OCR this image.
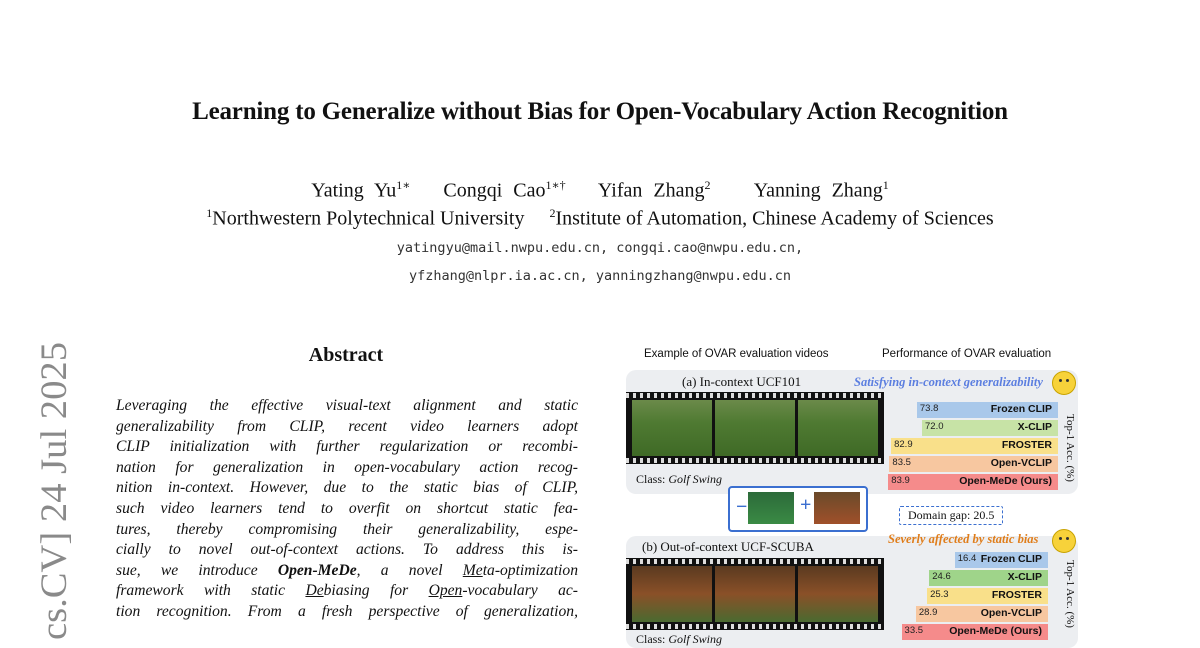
Learning to Generalize without Bias for Open-Vocabulary Action Recognition
Yating $Yu^{1∗}$ Congqi Cao$^{1∗\dagger}$ Yifan Zhang$^2$ Yanning Zhang$^1$
$^1$Northwestern Polytechnical University $^2$Institute of Automation, Chinese Academy of Sciences
yatingyu@mail.nwpu.edu.cn, congqi.cao@nwpu.edu.cn,
yfzhang@nlpr.ia.ac.cn, yanningzhang@nwpu.edu.cn
cs.CV] 24 Jul 2025	Abstract
Leveraging the effective visual-text alignment and static
generalizability from CLIP, recent video learners adopt
CLIP initialization with further regularization or recombi-
nation for generalization in open-vocabulary action recog-
nition in-context. However, due to the static bias of CLIP,
such video learners tend to overfit on shortcut static fea-
tures, thereby compromising their generalizability, espe-
cially to novel out-of-context actions. To address this is-
sue, we introduce Open-MeDe, a novel Meta-optimization
framework with static Debiasing for Open-vocabulary ac-
tion recognition. From a fresh perspective of generalization,
Example of OVAR evaluation videos	Performance of OVAR evaluation
(a) In-context UCF101	Satisfying in-context generalizability
Class: Golf Swing
73.8	Frozen CLIP
72.0	X-CLIP
82.9	FROSTER
83.5	Open-VCLIP
83.9	Open-MeDe (Ours) Top-1 Acc. (%)
−	+	Domain gap: 20.5
(b) Out-of-context UCF-SCUBA	Severly affected by static bias
Class: Golf Swing
16.4 Frozen CLIP
24.6	X-CLIP
25.3	FROSTER
28.9	Open-VCLIP
33.5 Open-MeDe (Ours)
Top-1 Acc. (%)
